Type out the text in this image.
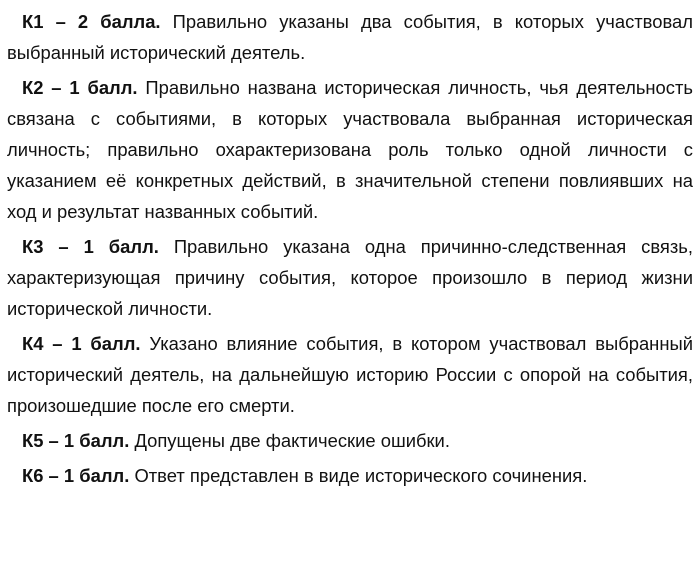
К1 – 2 балла. Правильно указаны два события, в которых участвовал выбранный исторический деятель.

К2 – 1 балл. Правильно названа историческая личность, чья деятельность связана с событиями, в которых участвовала выбранная историческая личность; правильно охарактеризована роль только одной личности с указанием её конкретных действий, в значительной степени повлиявших на ход и результат названных событий.

К3 – 1 балл. Правильно указана одна причинно-следственная связь, характеризующая причину события, которое произошло в период жизни исторической личности.

К4 – 1 балл. Указано влияние события, в котором участвовал выбранный исторический деятель, на дальнейшую историю России с опорой на события, произошедшие после его смерти.

К5 – 1 балл. Допущены две фактические ошибки.

К6 – 1 балл. Ответ представлен в виде исторического сочинения.
